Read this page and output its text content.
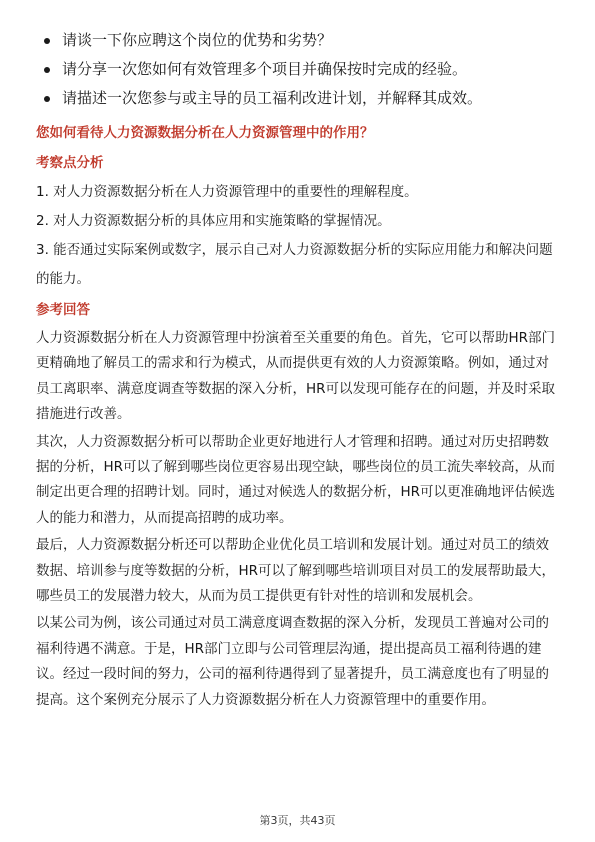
请谈一下你应聘这个岗位的优势和劣势？
请分享一次您如何有效管理多个项目并确保按时完成的经验。
请描述一次您参与或主导的员工福利改进计划，并解释其成效。
您如何看待人力资源数据分析在人力资源管理中的作用？
考察点分析
1. 对人力资源数据分析在人力资源管理中的重要性的理解程度。
2. 对人力资源数据分析的具体应用和实施策略的掌握情况。
3. 能否通过实际案例或数字，展示自己对人力资源数据分析的实际应用能力和解决问题的能力。
参考回答

人力资源数据分析在人力资源管理中扮演着至关重要的角色。首先，它可以帮助HR部门更精确地了解员工的需求和行为模式，从而提供更有效的人力资源策略。例如，通过对员工离职率、满意度调查等数据的深入分析，HR可以发现可能存在的问题，并及时采取措施进行改善。

其次，人力资源数据分析可以帮助企业更好地进行人才管理和招聘。通过对历史招聘数据的分析，HR可以了解到哪些岗位更容易出现空缺，哪些岗位的员工流失率较高，从而制定出更合理的招聘计划。同时，通过对候选人的数据分析，HR可以更准确地评估候选人的能力和潜力，从而提高招聘的成功率。

最后，人力资源数据分析还可以帮助企业优化员工培训和发展计划。通过对员工的绩效数据、培训参与度等数据的分析，HR可以了解到哪些培训项目对员工的发展帮助最大，哪些员工的发展潜力较大，从而为员工提供更有针对性的培训和发展机会。

以某公司为例，该公司通过对员工满意度调查数据的深入分析，发现员工普遍对公司的福利待遇不满意。于是，HR部门立即与公司管理层沟通，提出提高员工福利待遇的建议。经过一段时间的努力，公司的福利待遇得到了显著提升，员工满意度也有了明显的提高。这个案例充分展示了人力资源数据分析在人力资源管理中的重要作用。

第3页，共43页
